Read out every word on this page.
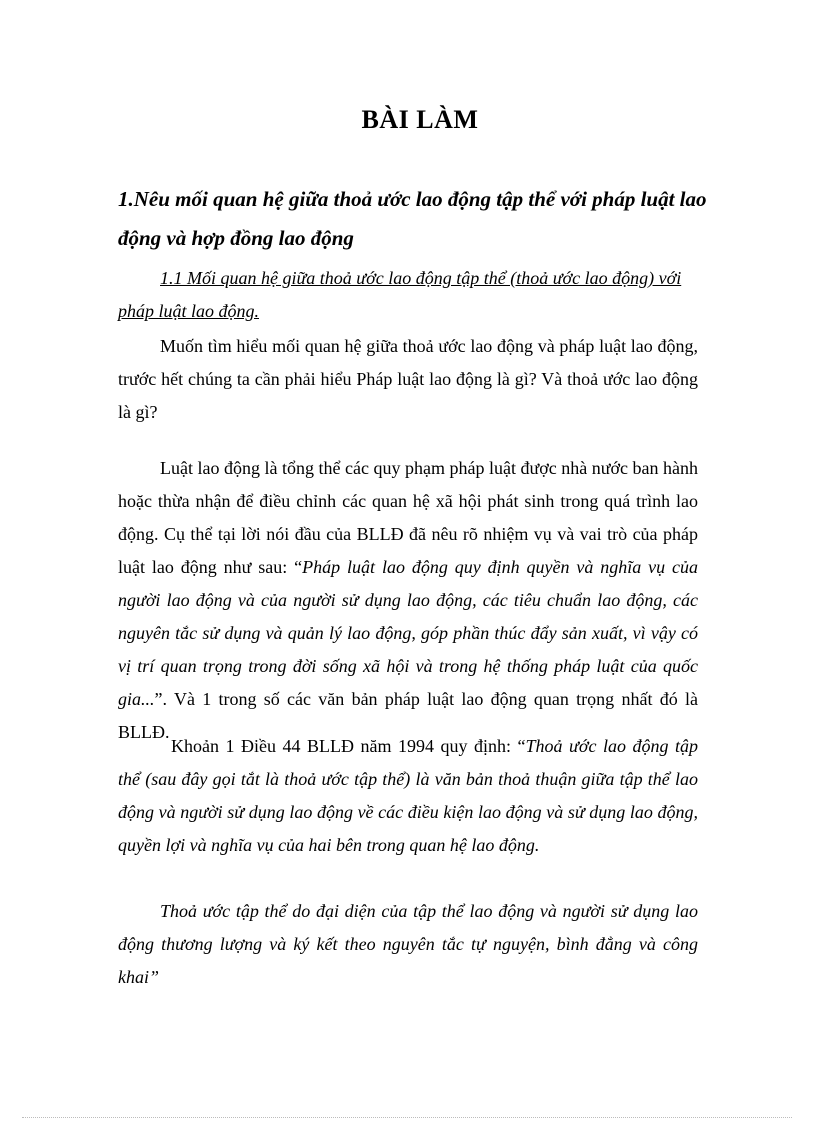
BÀI LÀM
1.Nêu mối quan hệ giữa thoả ước lao động tập thể với pháp luật lao động và hợp đồng lao động
1.1 Mối quan hệ giữa thoả ước lao động tập thể (thoả ước lao động) với pháp luật lao động.
Muốn tìm hiểu mối quan hệ giữa thoả ước lao động và pháp luật lao động, trước hết chúng ta cần phải hiểu Pháp luật lao động là gì? Và thoả ước lao động là gì?
Luật lao động là tổng thể các quy phạm pháp luật được nhà nước ban hành hoặc thừa nhận để điều chỉnh các quan hệ xã hội phát sinh trong quá trình lao động. Cụ thể tại lời nói đầu của BLLĐ đã nêu rõ nhiệm vụ và vai trò của pháp luật lao động như sau: “Pháp luật lao động quy định quyền và nghĩa vụ của người lao động và của người sử dụng lao động, các tiêu chuẩn lao động, các nguyên tắc sử dụng và quản lý lao động, góp phần thúc đẩy sản xuất, vì vậy có vị trí quan trọng trong đời sống xã hội và trong hệ thống pháp luật của quốc gia...”. Và 1 trong số các văn bản pháp luật lao động quan trọng nhất đó là BLLĐ.
Khoản 1 Điều 44 BLLĐ năm 1994 quy định: “Thoả ước lao động tập thể (sau đây gọi tắt là thoả ước tập thể) là văn bản thoả thuận giữa tập thể lao động và người sử dụng lao động về các điều kiện lao động và sử dụng lao động, quyền lợi và nghĩa vụ của hai bên trong quan hệ lao động.
Thoả ước tập thể do đại diện của tập thể lao động và người sử dụng lao động thương lượng và ký kết theo nguyên tắc tự nguyện, bình đẳng và công khai”
